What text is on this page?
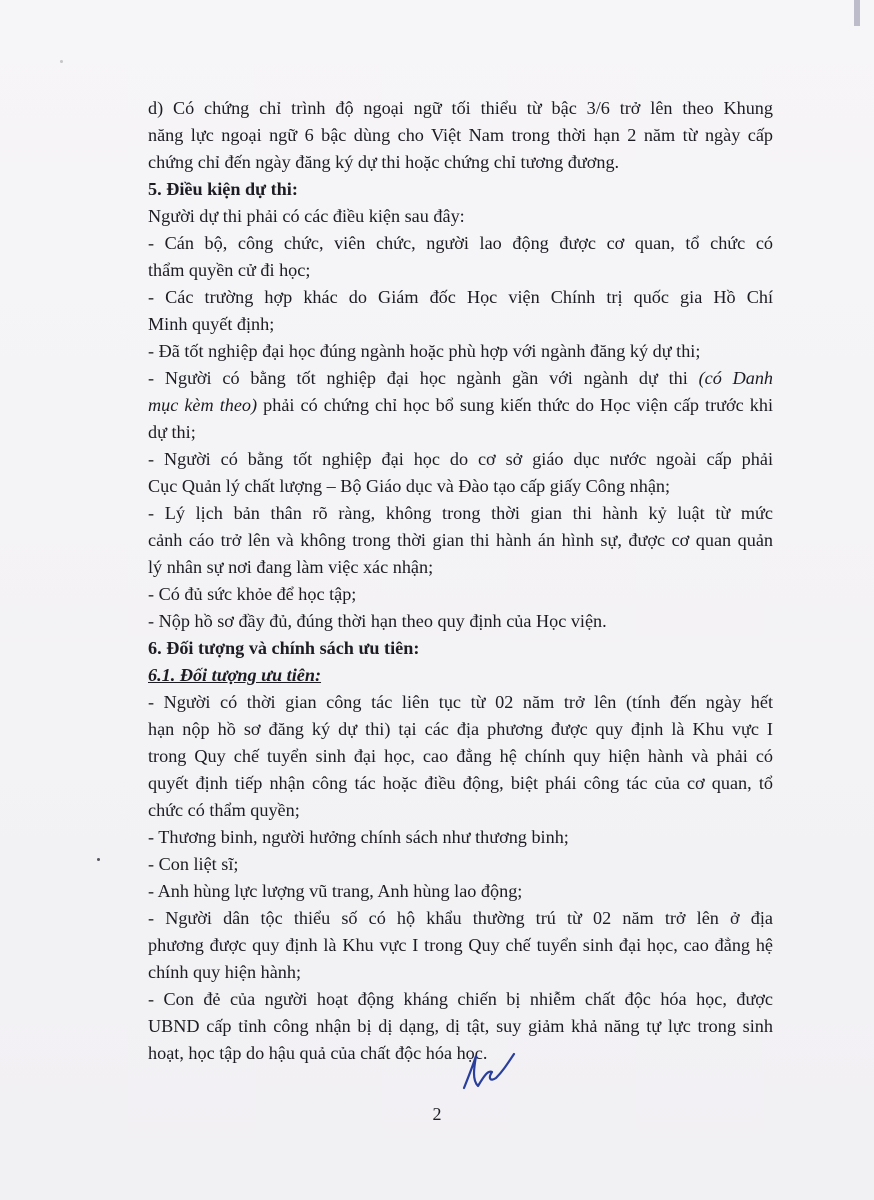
d) Có chứng chỉ trình độ ngoại ngữ tối thiểu từ bậc 3/6 trở lên theo Khung
năng lực ngoại ngữ 6 bậc dùng cho Việt Nam trong thời hạn 2 năm từ ngày cấp
chứng chỉ đến ngày đăng ký dự thi hoặc chứng chỉ tương đương.

5. Điều kiện dự thi:

Người dự thi phải có các điều kiện sau đây:

- Cán bộ, công chức, viên chức, người lao động được cơ quan, tổ chức có
thẩm quyền cử đi học;

- Các trường hợp khác do Giám đốc Học viện Chính trị quốc gia Hồ Chí
Minh quyết định;

- Đã tốt nghiệp đại học đúng ngành hoặc phù hợp với ngành đăng ký dự thi;

- Người có bằng tốt nghiệp đại học ngành gần với ngành dự thi (có Danh
mục kèm theo) phải có chứng chỉ học bổ sung kiến thức do Học viện cấp trước khi
dự thi;

- Người có bằng tốt nghiệp đại học do cơ sở giáo dục nước ngoài cấp phải
Cục Quản lý chất lượng – Bộ Giáo dục và Đào tạo cấp giấy Công nhận;

- Lý lịch bản thân rõ ràng, không trong thời gian thi hành kỷ luật từ mức
cảnh cáo trở lên và không trong thời gian thi hành án hình sự, được cơ quan quản
lý nhân sự nơi đang làm việc xác nhận;

- Có đủ sức khỏe để học tập;

- Nộp hồ sơ đầy đủ, đúng thời hạn theo quy định của Học viện.

6. Đối tượng và chính sách ưu tiên:

6.1. Đối tượng ưu tiên:

- Người có thời gian công tác liên tục từ 02 năm trở lên (tính đến ngày hết
hạn nộp hồ sơ đăng ký dự thi) tại các địa phương được quy định là Khu vực I
trong Quy chế tuyển sinh đại học, cao đẳng hệ chính quy hiện hành và phải có
quyết định tiếp nhận công tác hoặc điều động, biệt phái công tác của cơ quan, tổ
chức có thẩm quyền;

- Thương binh, người hưởng chính sách như thương binh;

- Con liệt sĩ;

- Anh hùng lực lượng vũ trang, Anh hùng lao động;

- Người dân tộc thiểu số có hộ khẩu thường trú từ 02 năm trở lên ở địa
phương được quy định là Khu vực I trong Quy chế tuyển sinh đại học, cao đẳng hệ
chính quy hiện hành;

- Con đẻ của người hoạt động kháng chiến bị nhiễm chất độc hóa học, được
UBND cấp tỉnh công nhận bị dị dạng, dị tật, suy giảm khả năng tự lực trong sinh
hoạt, học tập do hậu quả của chất độc hóa học.

2
